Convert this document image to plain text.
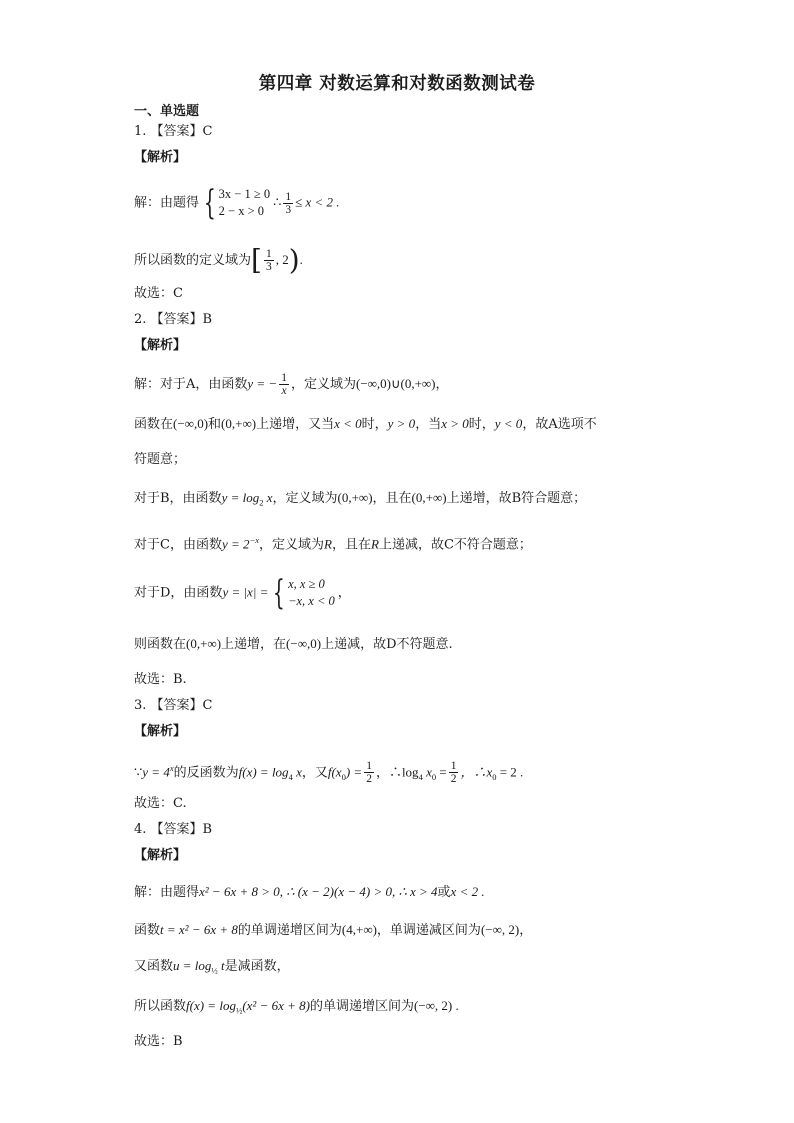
第四章 对数运算和对数函数测试卷
一、单选题
1. 【答案】C
【解析】
解：由题得 { 3x − 1 ≥ 0
2 − x > 0
∴ $\frac{1}{3} \le x < 2$ .
所以函数的定义域为[ $\frac{1}{3}$ , 2).
故选：C
2. 【答案】B
【解析】
解：对于A，由函数y = − $\frac{1}{x}$ ，定义域为(−∞,0)∪(0,+∞)，
函数在(−∞,0)和(0,+∞)上递增，又当x < 0时，y > 0，当x > 0时，y < 0，故A选项不
符题意；
对于B，由函数$y = \log_2 x$，定义域为(0,+∞)，且在(0,+∞)上递增，故B符合题意；
对于C，由函数$y = 2^{-x}$，定义域为R，且在R上递减，故C不符合题意；
对于D，由函数y = |x| = { x, x ≥ 0
−x, x < 0
，
则函数在(0,+∞)上递增，在(−∞,0)上递减，故D不符题意.
故选：B.
3. 【答案】C
【解析】
∵y = $4^x$的反函数为$f(x) = \log_4 x$，又$f(x_0) = \frac{1}{2}$ ，$\therefore\log_4$ $x_0 = \frac{1}{2}$ ，$\therefore x_0 = 2$ .
故选：C.
4. 【答案】B
【解析】
解：由题得x² − 6x + 8 > 0, ∴ (x − 2)(x − 4) > 0, ∴ x > 4或x < 2 .
函数t = x² − 6x + 8的单调递增区间为(4,+∞)，单调递减区间为(−∞, 2)，
又函数$u = \log_{\frac{1}{2}} t$是减函数，
所以函数$f(x) = \log_{\frac{1}{2}}(x^2 - 6x + 8)$的单调递增区间为(−∞, 2) .
故选：B
